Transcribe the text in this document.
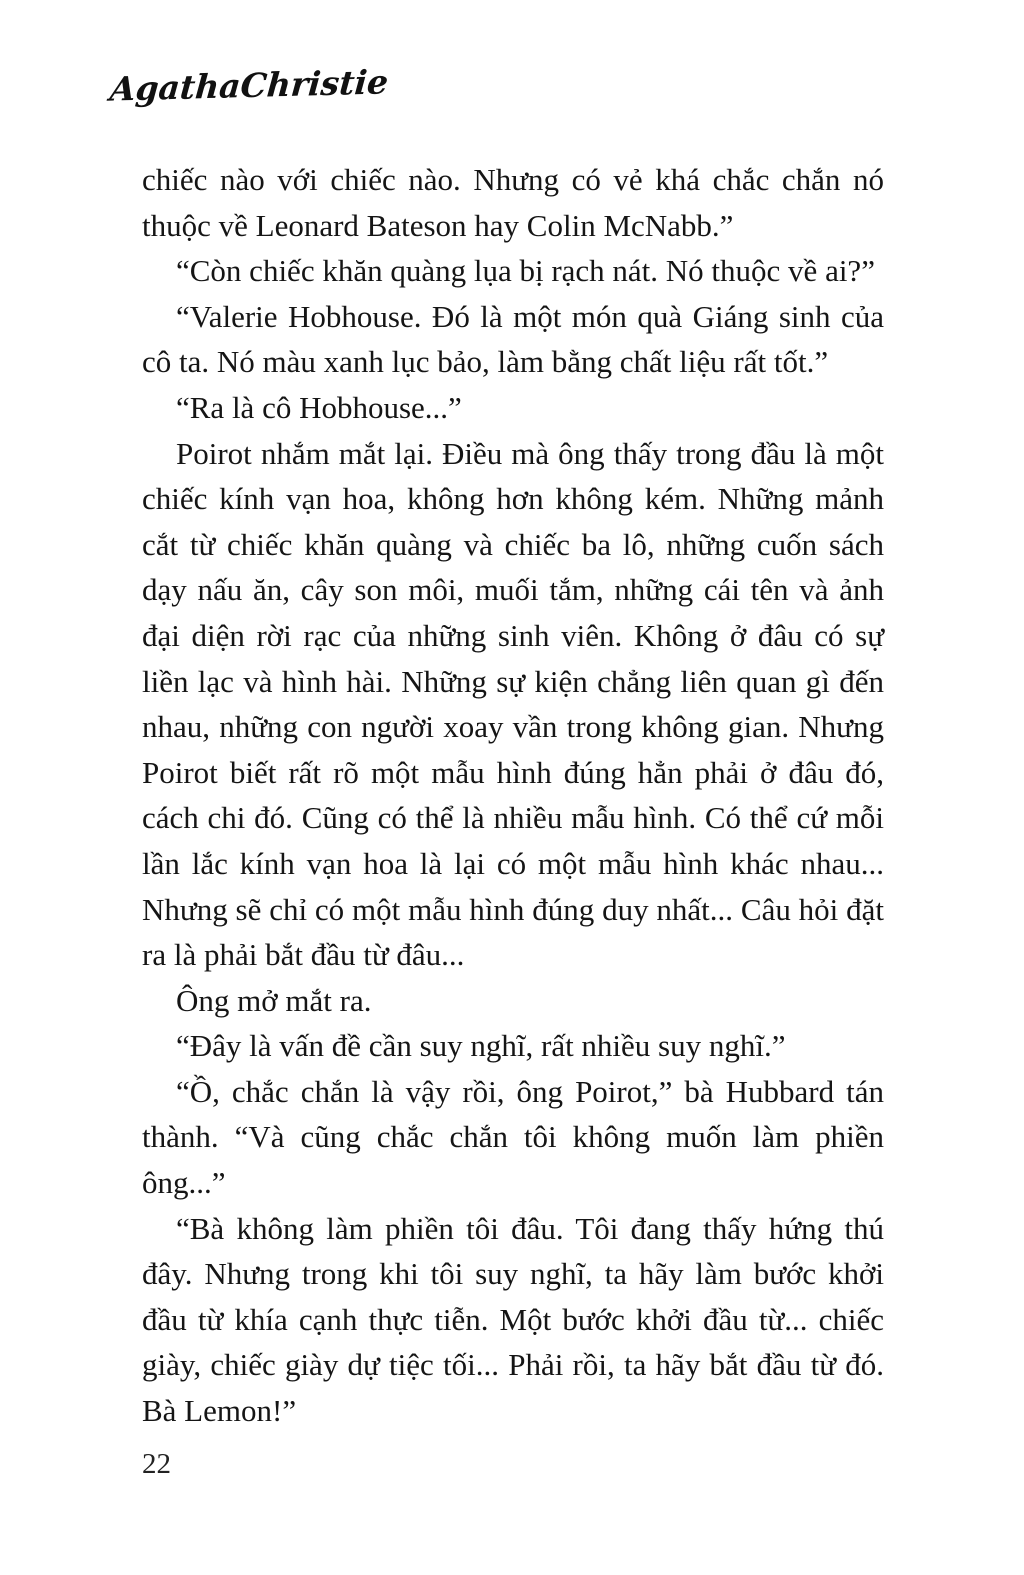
AgathaChristie

chiếc nào với chiếc nào. Nhưng có vẻ khá chắc chắn nó thuộc về Leonard Bateson hay Colin McNabb.”

“Còn chiếc khăn quàng lụa bị rạch nát. Nó thuộc về ai?”

“Valerie Hobhouse. Đó là một món quà Giáng sinh của cô ta. Nó màu xanh lục bảo, làm bằng chất liệu rất tốt.”

“Ra là cô Hobhouse...”

Poirot nhắm mắt lại. Điều mà ông thấy trong đầu là một chiếc kính vạn hoa, không hơn không kém. Những mảnh cắt từ chiếc khăn quàng và chiếc ba lô, những cuốn sách dạy nấu ăn, cây son môi, muối tắm, những cái tên và ảnh đại diện rời rạc của những sinh viên. Không ở đâu có sự liền lạc và hình hài. Những sự kiện chẳng liên quan gì đến nhau, những con người xoay vần trong không gian. Nhưng Poirot biết rất rõ một mẫu hình đúng hẳn phải ở đâu đó, cách chi đó. Cũng có thể là nhiều mẫu hình. Có thể cứ mỗi lần lắc kính vạn hoa là lại có một mẫu hình khác nhau... Nhưng sẽ chỉ có một mẫu hình đúng duy nhất... Câu hỏi đặt ra là phải bắt đầu từ đâu...

Ông mở mắt ra.

“Đây là vấn đề cần suy nghĩ, rất nhiều suy nghĩ.”

“Ồ, chắc chắn là vậy rồi, ông Poirot,” bà Hubbard tán thành. “Và cũng chắc chắn tôi không muốn làm phiền ông...”

“Bà không làm phiền tôi đâu. Tôi đang thấy hứng thú đây. Nhưng trong khi tôi suy nghĩ, ta hãy làm bước khởi đầu từ khía cạnh thực tiễn. Một bước khởi đầu từ... chiếc giày, chiếc giày dự tiệc tối... Phải rồi, ta hãy bắt đầu từ đó. Bà Lemon!”

22
